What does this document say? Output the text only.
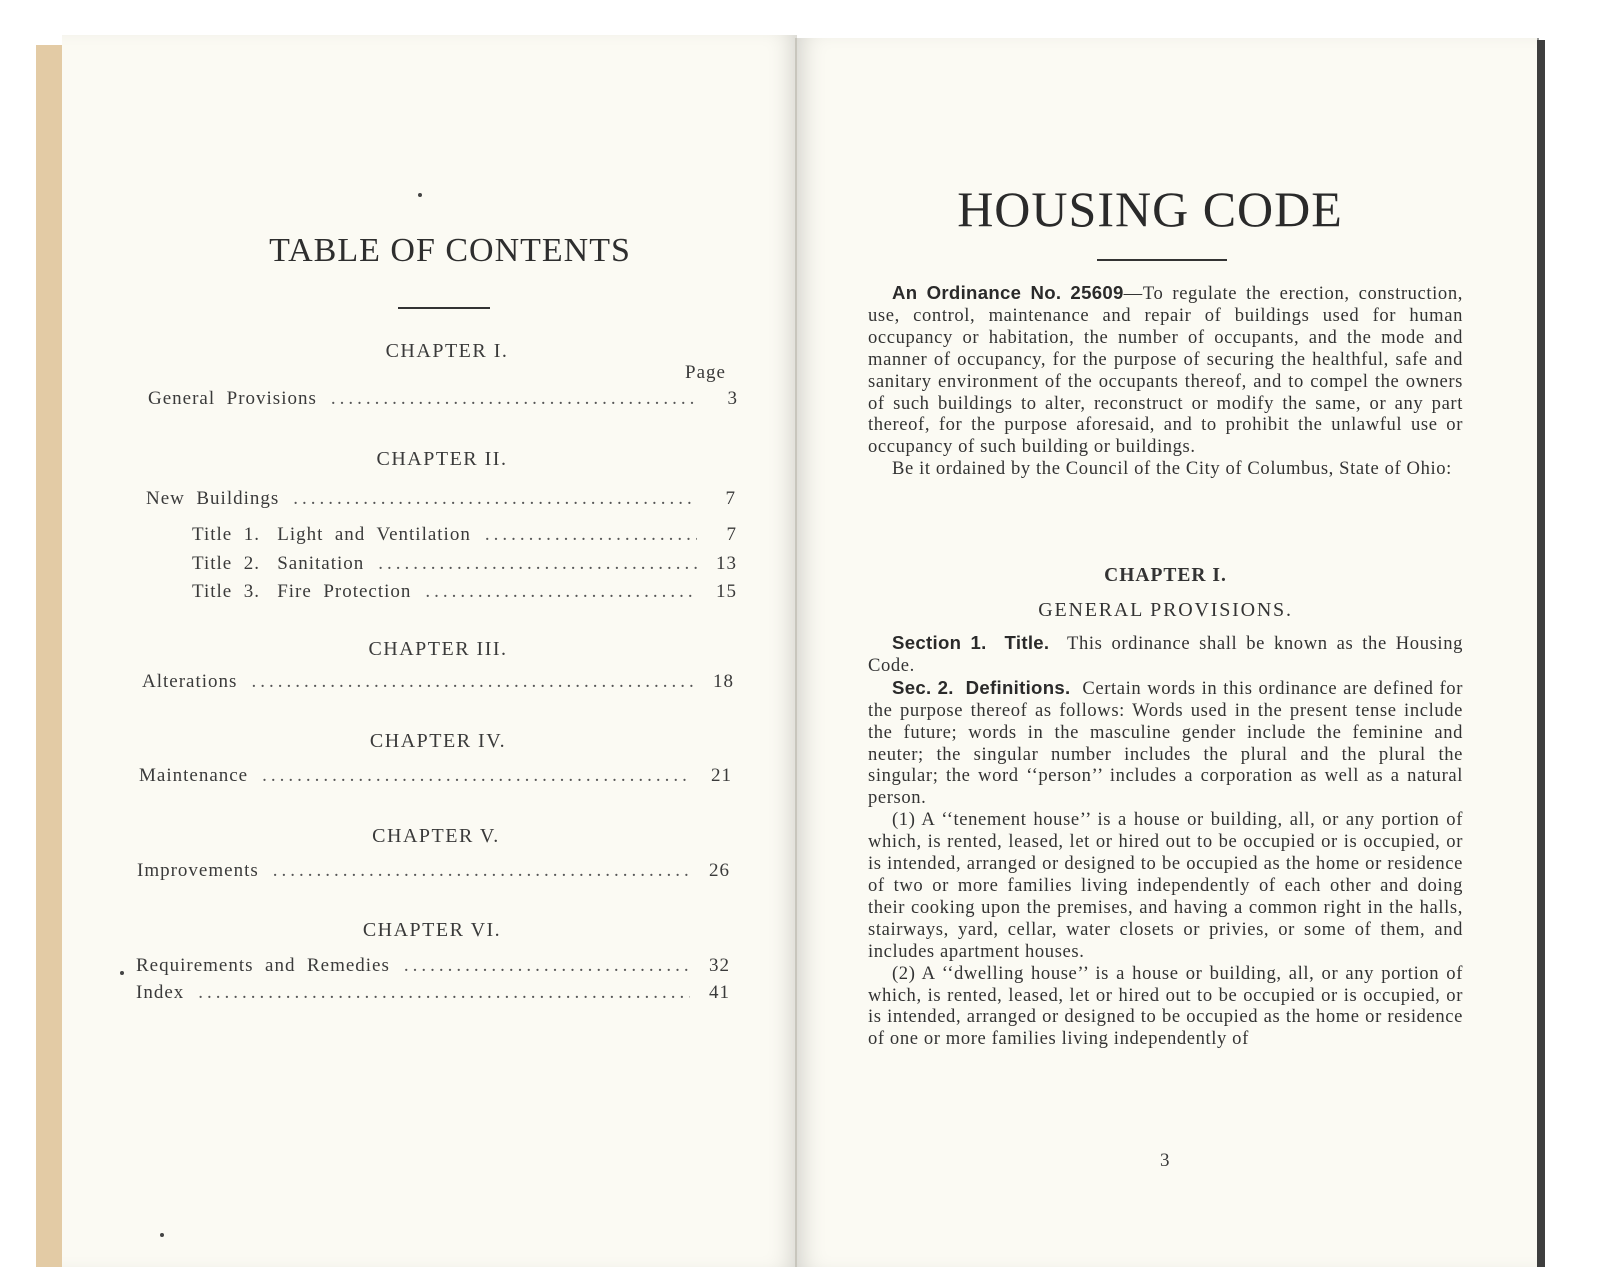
TABLE OF CONTENTS
Page
CHAPTER I.
General  Provisions .....	3
CHAPTER II.
New  Buildings .....	7
Title  1.   Light  and  Ventilation .....	7
Title  2.   Sanitation .....	13
Title  3.   Fire  Protection .....	15
CHAPTER III.
Alterations .....	18
CHAPTER IV.
Maintenance .....	21
CHAPTER V.
Improvements .....	26
CHAPTER VI.
Requirements  and  Remedies .....	32
Index .....	41
HOUSING CODE

An Ordinance No. 25609—To regulate the erection, construction, use, control, maintenance and repair of buildings used for human occupancy or habitation, the number of occupants, and the mode and manner of occupancy, for the purpose of securing the healthful, safe and sanitary environment of the occupants thereof, and to compel the owners of such buildings to alter, reconstruct or modify the same, or any part thereof, for the purpose aforesaid, and to prohibit the unlawful use or occupancy of such building or buildings.

Be it ordained by the Council of the City of Columbus, State of Ohio:

CHAPTER I.
GENERAL PROVISIONS.

Section 1. Title. This ordinance shall be known as the Housing Code.

Sec. 2. Definitions. Certain words in this ordinance are defined for the purpose thereof as follows: Words used in the present tense include the future; words in the masculine gender include the feminine and neuter; the singular number includes the plural and the plural the singular; the word ‘‘person’’ includes a corporation as well as a natural person.

(1) A ‘‘tenement house’’ is a house or building, all, or any portion of which, is rented, leased, let or hired out to be occupied or is occupied, or is intended, arranged or designed to be occupied as the home or residence of two or more families living independently of each other and doing their cooking upon the premises, and having a common right in the halls, stairways, yard, cellar, water closets or privies, or some of them, and includes apartment houses.

(2) A ‘‘dwelling house’’ is a house or building, all, or any portion of which, is rented, leased, let or hired out to be occupied or is occupied, or is intended, arranged or designed to be occupied as the home or residence of one or more families living independently of

3
